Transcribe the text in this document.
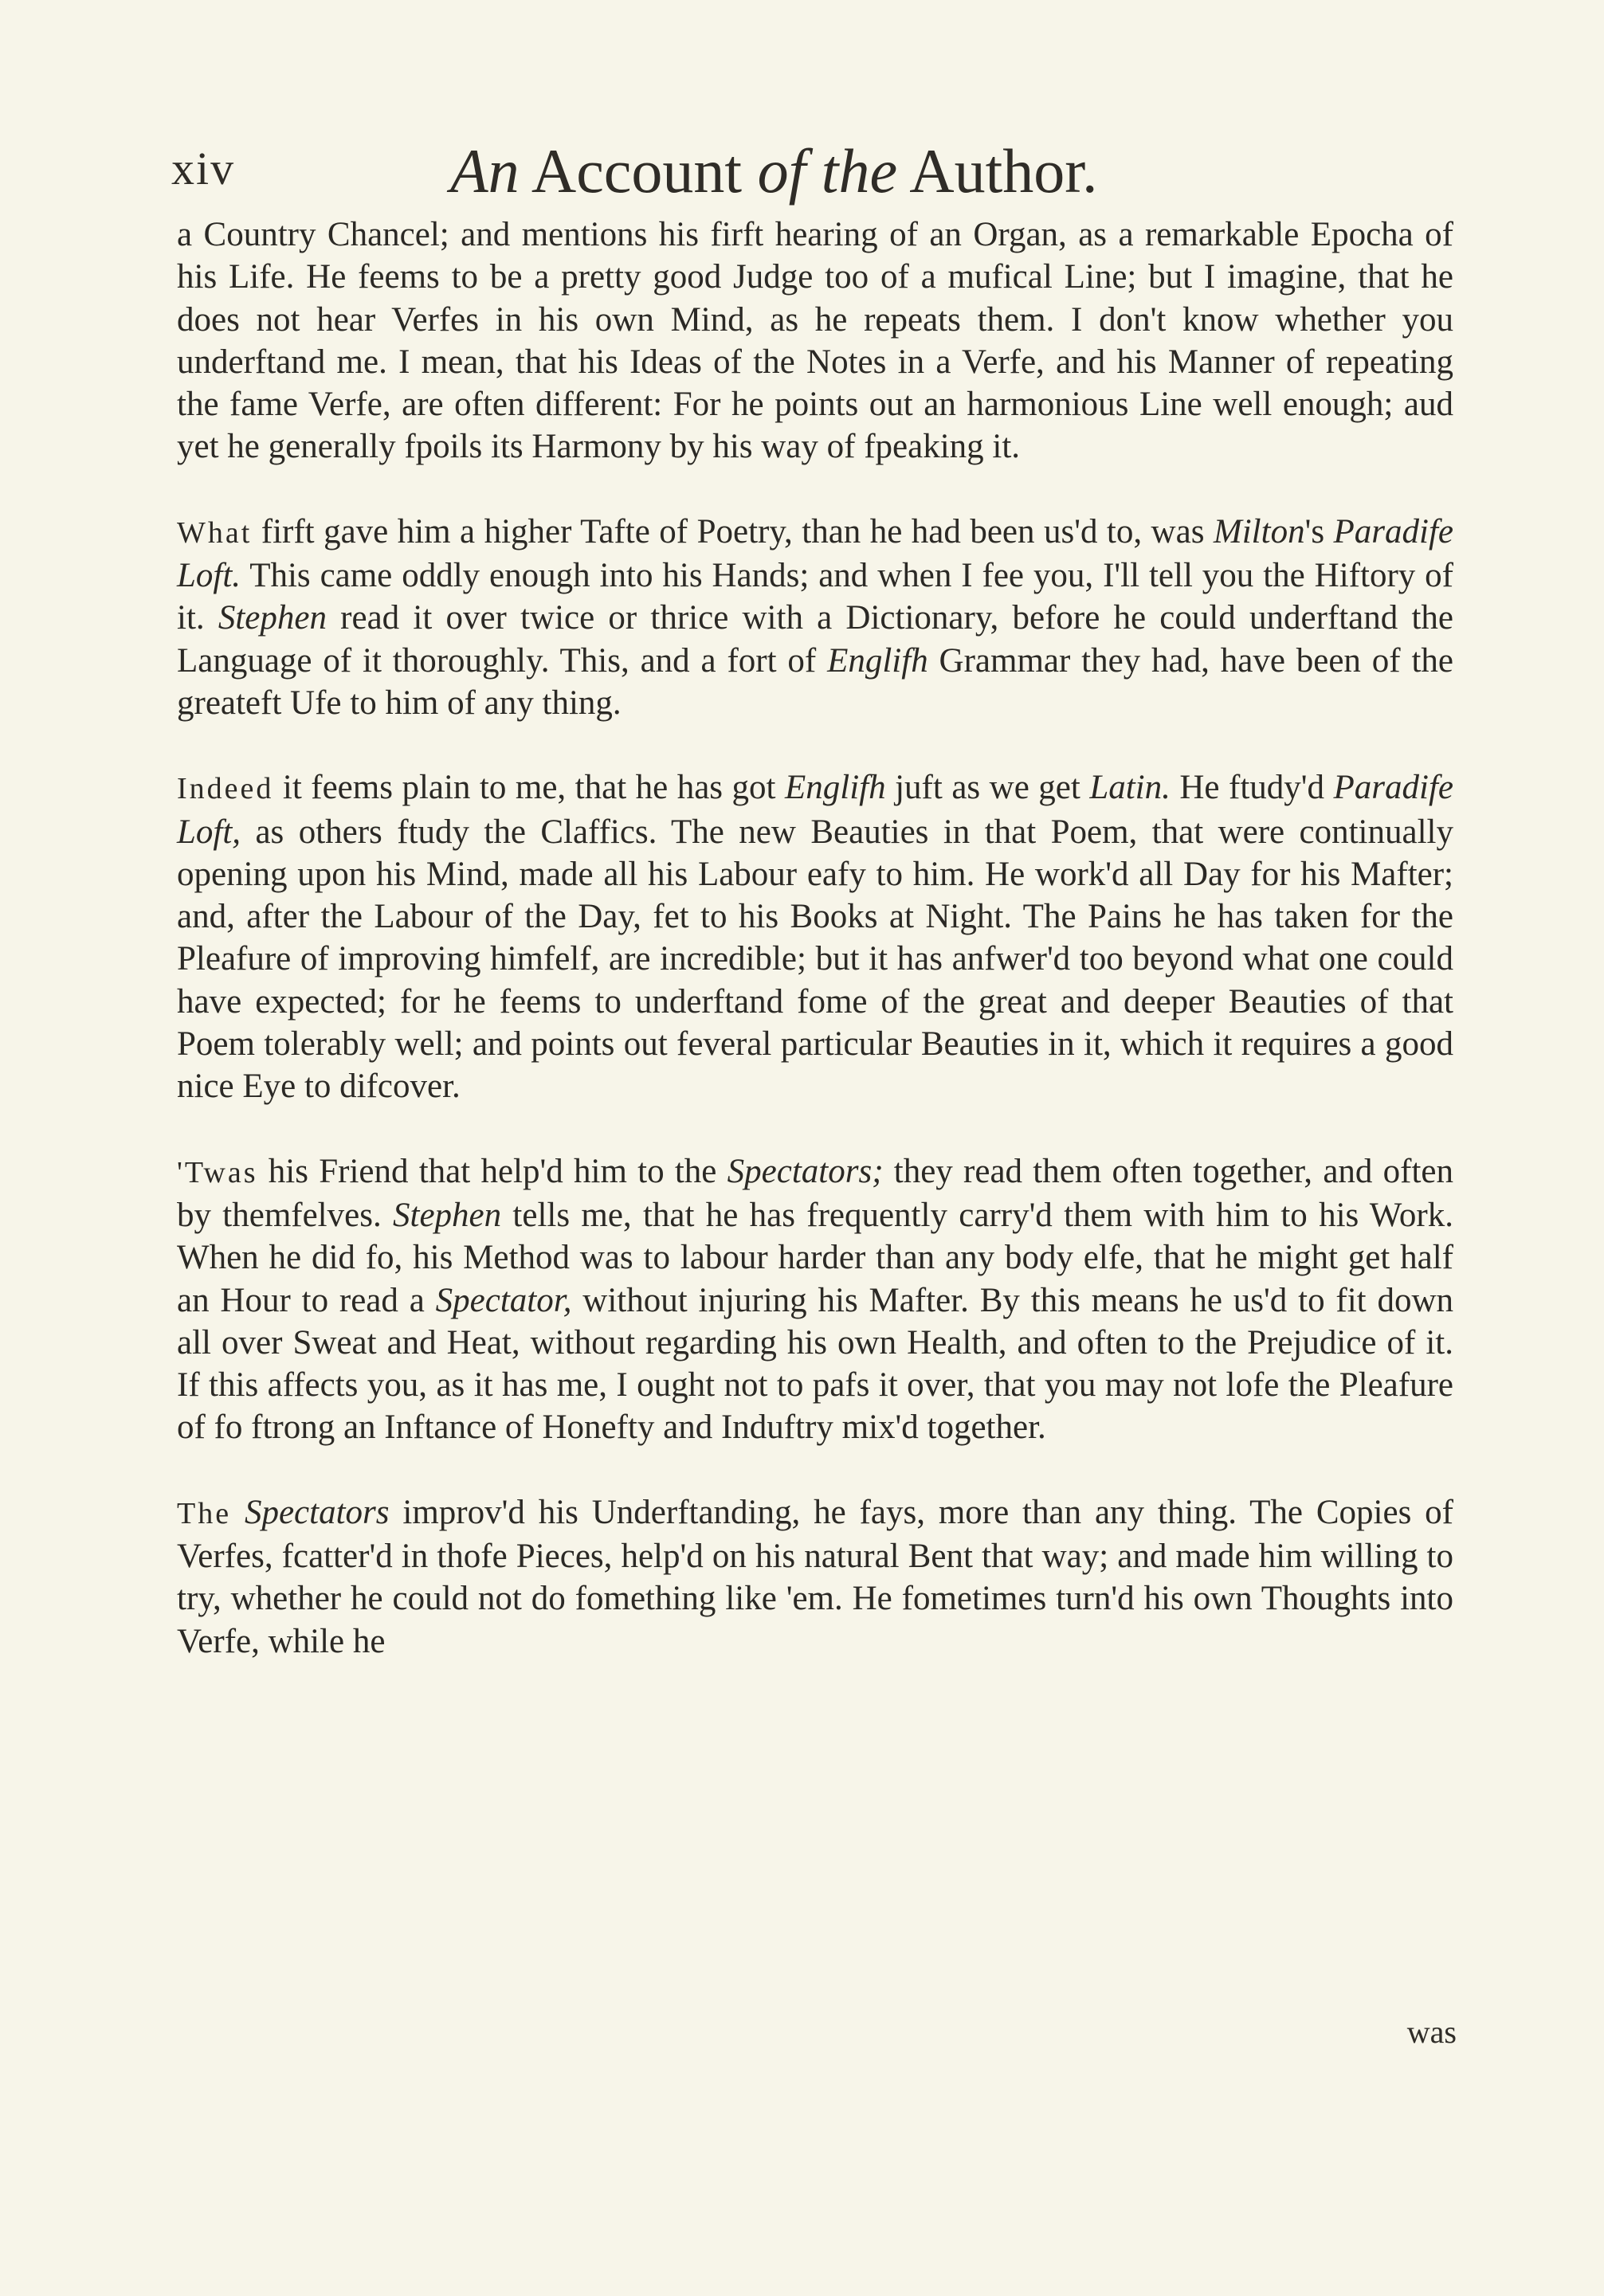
xiv	An Account of the Author.

a Country Chancel; and mentions his firft hearing of an Organ, as a remarkable Epocha of his Life. He feems to be a pretty good Judge too of a mufical Line; but I imagine, that he does not hear Verfes in his own Mind, as he repeats them. I don't know whether you underftand me. I mean, that his Ideas of the Notes in a Verfe, and his Manner of repeating the fame Verfe, are often different: For he points out an harmonious Line well enough; aud yet he generally fpoils its Harmony by his way of fpeaking it.

What firft gave him a higher Tafte of Poetry, than he had been us'd to, was Milton's Paradife Loft. This came oddly enough into his Hands; and when I fee you, I'll tell you the Hiftory of it. Stephen read it over twice or thrice with a Dictionary, before he could underftand the Language of it thoroughly. This, and a fort of Englifh Grammar they had, have been of the greateft Ufe to him of any thing.

Indeed it feems plain to me, that he has got Englifh juft as we get Latin. He ftudy'd Paradife Loft, as others ftudy the Claffics. The new Beauties in that Poem, that were continually opening upon his Mind, made all his Labour eafy to him. He work'd all Day for his Mafter; and, after the Labour of the Day, fet to his Books at Night. The Pains he has taken for the Pleafure of improving himfelf, are incredible; but it has anfwer'd too beyond what one could have expected; for he feems to underftand fome of the great and deeper Beauties of that Poem tolerably well; and points out feveral particular Beauties in it, which it requires a good nice Eye to difcover.

'Twas his Friend that help'd him to the Spectators; they read them often together, and often by themfelves. Stephen tells me, that he has frequently carry'd them with him to his Work. When he did fo, his Method was to labour harder than any body elfe, that he might get half an Hour to read a Spectator, without injuring his Mafter. By this means he us'd to fit down all over Sweat and Heat, without regarding his own Health, and often to the Prejudice of it. If this affects you, as it has me, I ought not to pafs it over, that you may not lofe the Pleafure of fo ftrong an Inftance of Honefty and Induftry mix'd together.

The Spectators improv'd his Underftanding, he fays, more than any thing. The Copies of Verfes, fcatter'd in thofe Pieces, help'd on his natural Bent that way; and made him willing to try, whether he could not do fomething like 'em. He fometimes turn'd his own Thoughts into Verfe, while he

was
